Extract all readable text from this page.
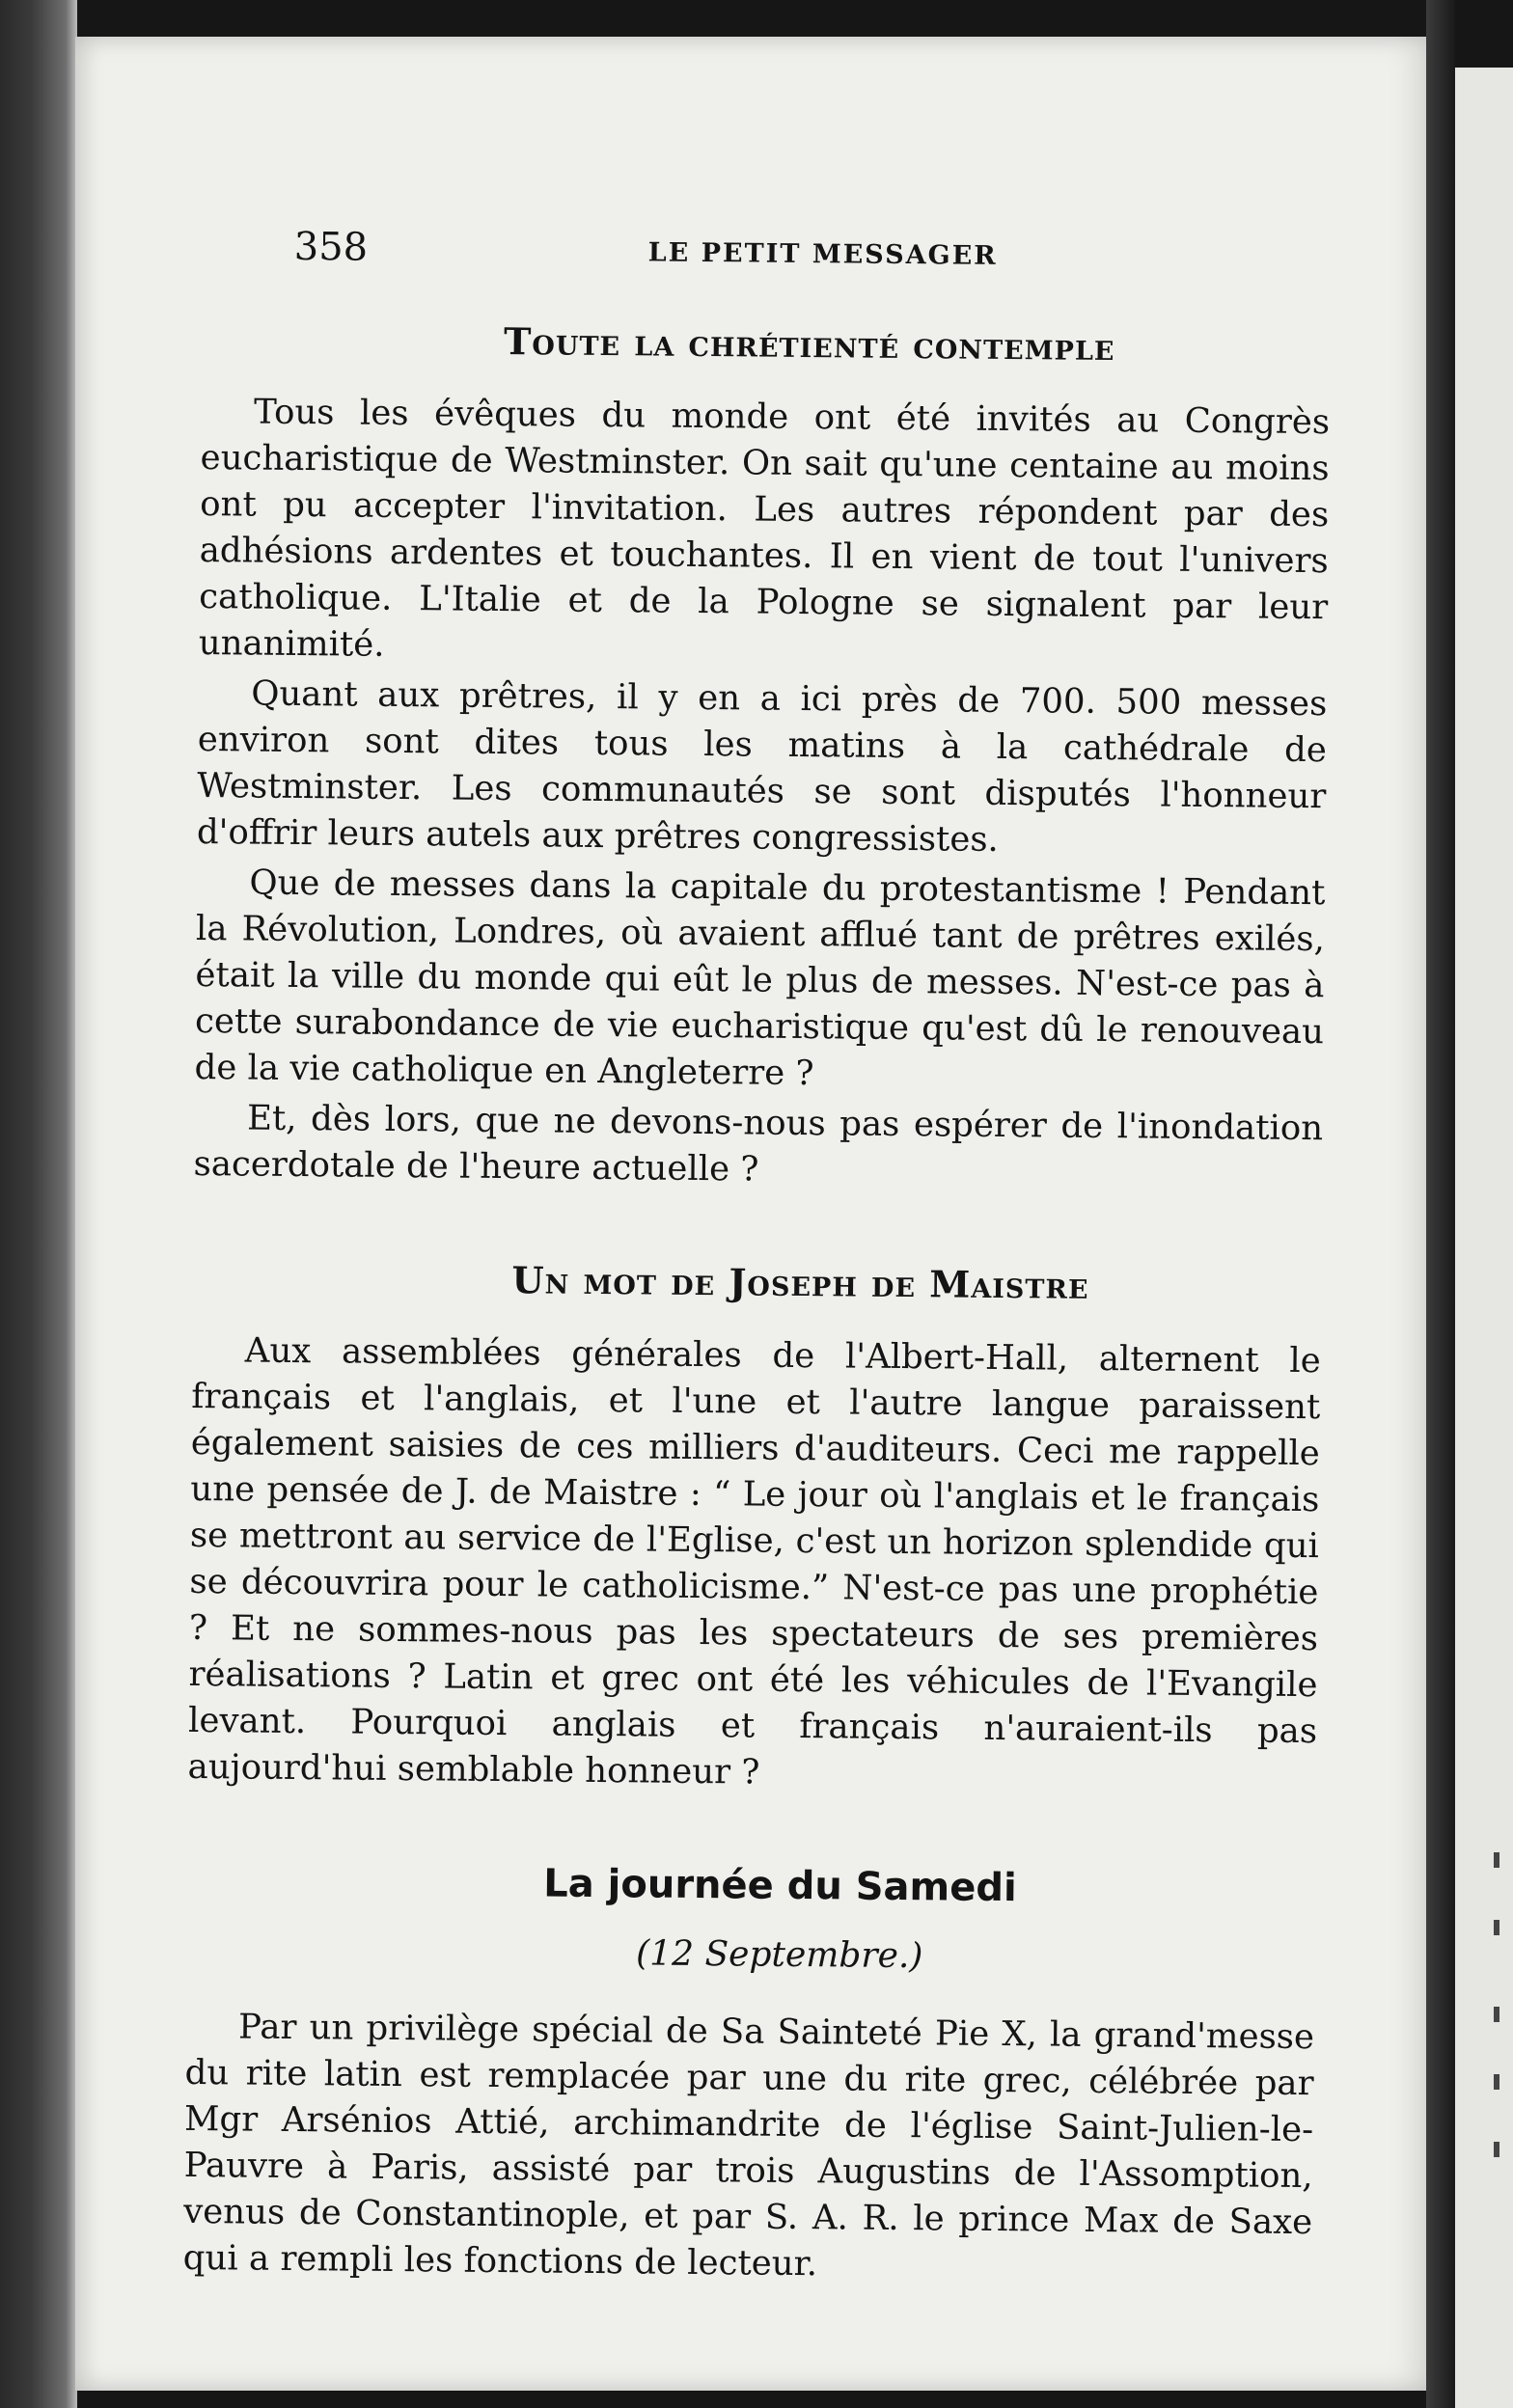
358	LE PETIT MESSAGER
Toute la chrétienté contemple

Tous les évêques du monde ont été invités au Congrès eucharistique de Westminster. On sait qu'une centaine au moins ont pu accepter l'invitation. Les autres répondent par des adhésions ardentes et touchantes. Il en vient de tout l'univers catholique. L'Italie et de la Pologne se signalent par leur unanimité.

Quant aux prêtres, il y en a ici près de 700. 500 messes environ sont dites tous les matins à la cathédrale de Westminster. Les communautés se sont disputés l'honneur d'offrir leurs autels aux prêtres congressistes.

Que de messes dans la capitale du protestantisme ! Pendant la Révolution, Londres, où avaient afflué tant de prêtres exilés, était la ville du monde qui eût le plus de messes. N'est-ce pas à cette surabondance de vie eucharistique qu'est dû le renouveau de la vie catholique en Angleterre ?

Et, dès lors, que ne devons-nous pas espérer de l'inondation sacerdotale de l'heure actuelle ?

Un mot de Joseph de Maistre

Aux assemblées générales de l'Albert-Hall, alternent le français et l'anglais, et l'une et l'autre langue paraissent également saisies de ces milliers d'auditeurs. Ceci me rappelle une pensée de J. de Maistre : “ Le jour où l'anglais et le français se mettront au service de l'Eglise, c'est un horizon splendide qui se découvrira pour le catholicisme.” N'est-ce pas une prophétie ? Et ne sommes-nous pas les spectateurs de ses premières réalisations ? Latin et grec ont été les véhicules de l'Evangile levant. Pourquoi anglais et français n'auraient-ils pas aujourd'hui semblable honneur ?

La journée du Samedi
(12 Septembre.)

Par un privilège spécial de Sa Sainteté Pie X, la grand'messe du rite latin est remplacée par une du rite grec, célébrée par Mgr Arsénios Attié, archimandrite de l'église Saint-Julien-le-Pauvre à Paris, assisté par trois Augustins de l'Assomption, venus de Constantinople, et par S. A. R. le prince Max de Saxe qui a rempli les fonctions de lecteur.
